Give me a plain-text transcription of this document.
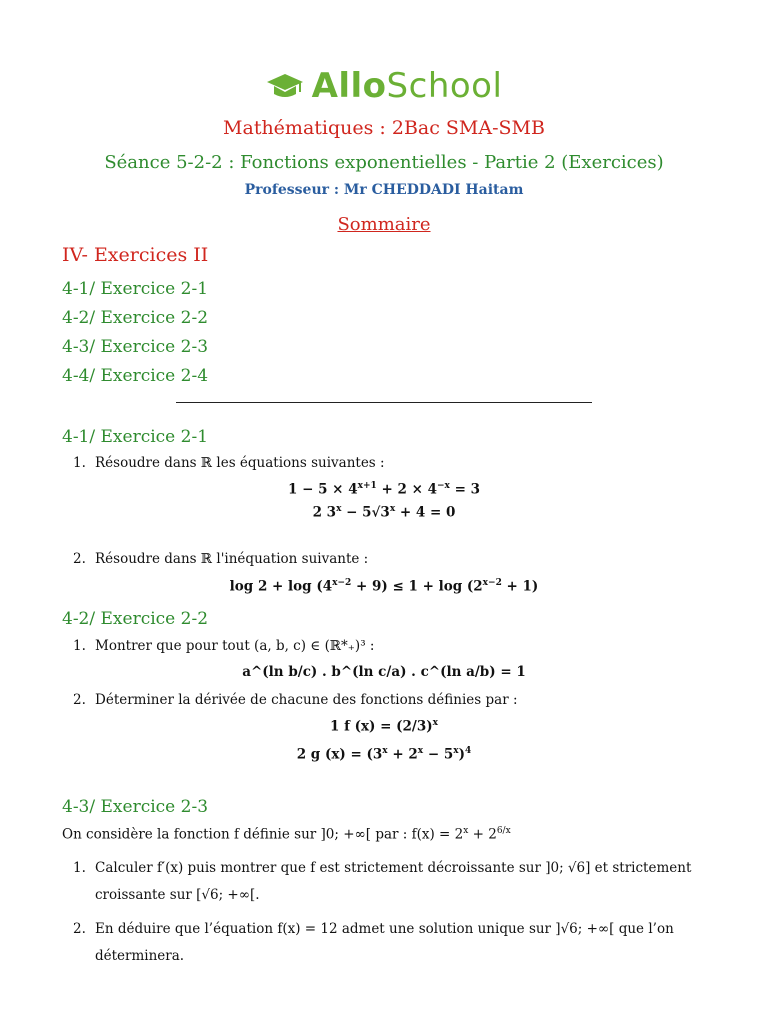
AlloSchool
Mathématiques : 2Bac SMA-SMB
Séance 5-2-2 : Fonctions exponentielles - Partie 2 (Exercices)
Professeur : Mr CHEDDADI Haitam
Sommaire
IV- Exercices II
4-1/ Exercice 2-1
4-2/ Exercice 2-2
4-3/ Exercice 2-3
4-4/ Exercice 2-4
4-1/ Exercice 2-1
1. Résoudre dans ℝ les équations suivantes :
$1 - 5 \times 4^{x+1} + 2 \times 4^{-x} = 3$
2 $3^x - 5√3^x + 4 = 0$
2. Résoudre dans ℝ l'inéquation suivante :
$\log 2 + \log (4^{x-2} + 9) \le 1 + \log (2^{x-2} + 1)$
4-2/ Exercice 2-2
1. Montrer que pour tout (a, b, c) ∈ (ℝ*₊)³ :
a^(ln b/c) . b^(ln c/a) . c^(ln a/b) = 1
2. Déterminer la dérivée de chacune des fonctions définies par :
1 f $(x) = (2/3)^x$
2 g $(x) = (3^x + 2^x - 5^x)^4$
4-3/ Exercice 2-3
On considère la fonction f définie sur ]0; +∞[ par : $f(x) = 2^x + 2^{6/x}$
1. Calculer f′(x) puis montrer que f est strictement décroissante sur ]0; √6] et strictement
croissante sur [√6; +∞[.
2. En déduire que l’équation f(x) = 12 admet une solution unique sur ]√6; +∞[ que l’on
déterminera.
